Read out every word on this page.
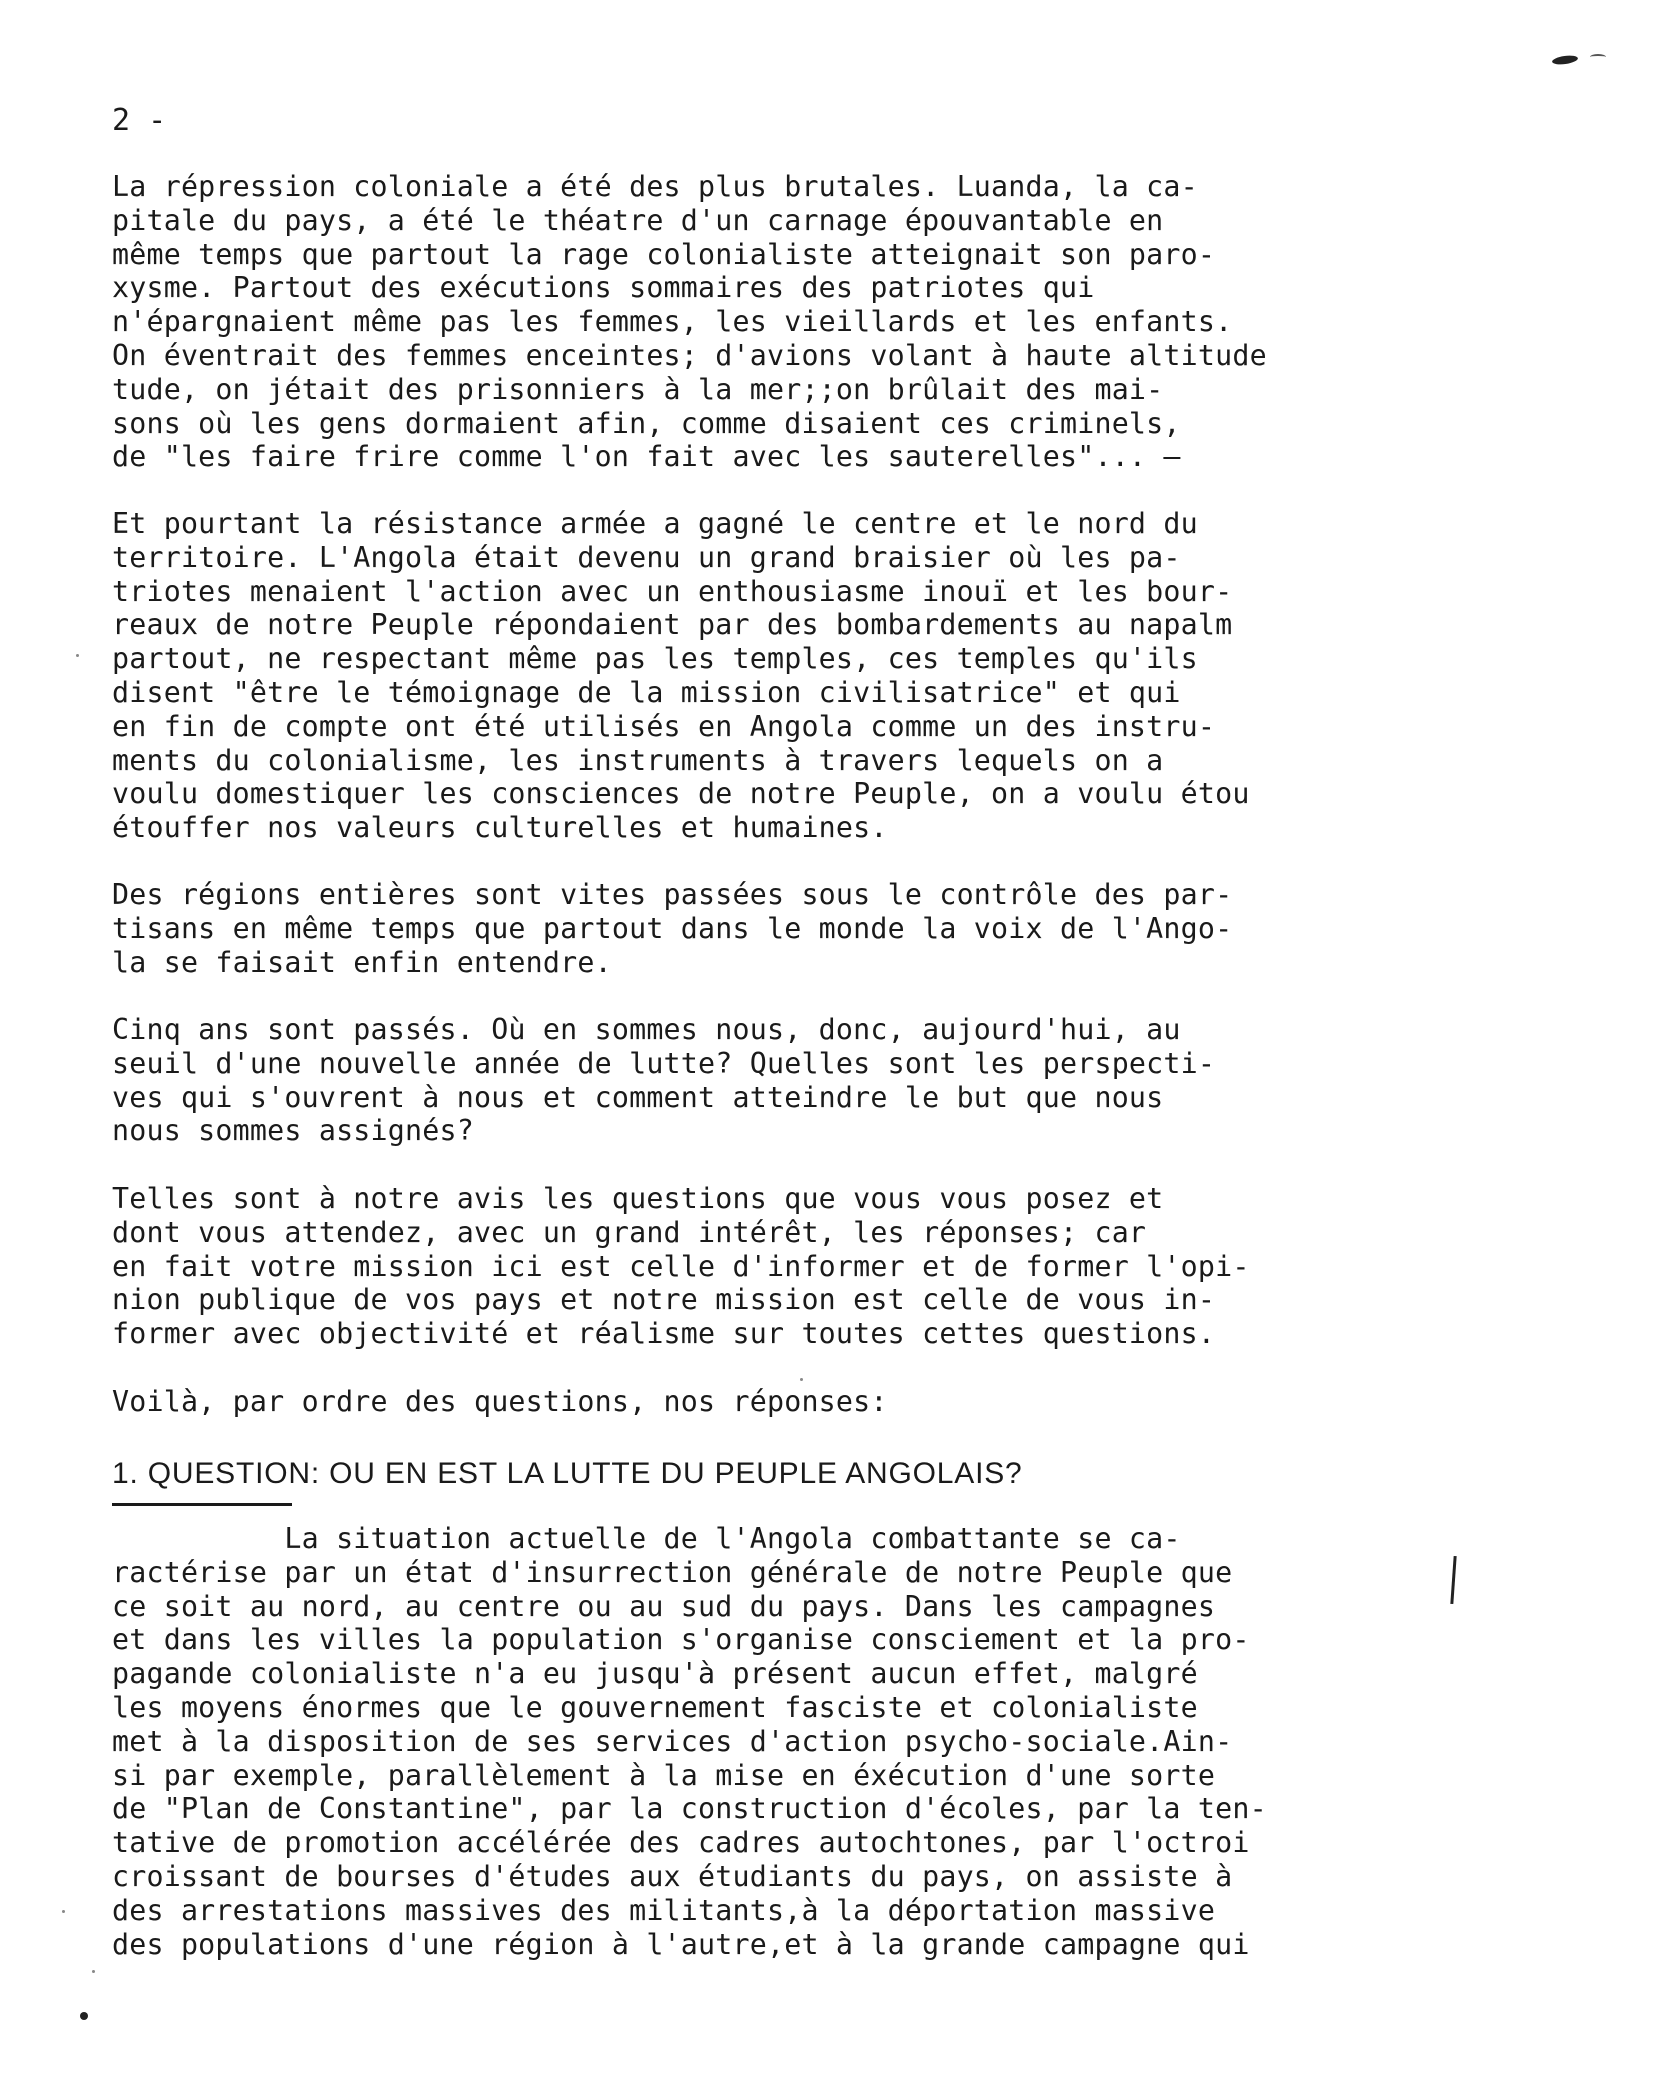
2 -
La répression coloniale a été des plus brutales. Luanda, la ca-
pitale du pays, a été le théatre d'un carnage épouvantable en
même temps que partout la rage colonialiste atteignait son paro-
xysme. Partout des exécutions sommaires des patriotes qui
n'épargnaient même pas les femmes, les vieillards et les enfants.
On éventrait des femmes enceintes; d'avions volant à haute altitude
tude, on jétait des prisonniers à la mer;;on brûlait des mai-
sons où les gens dormaient afin, comme disaient ces criminels,
de "les faire frire comme l'on fait avec les sauterelles"... —
Et pourtant la résistance armée a gagné le centre et le nord du
territoire. L'Angola était devenu un grand braisier où les pa-
triotes menaient l'action avec un enthousiasme inouï et les bour-
reaux de notre Peuple répondaient par des bombardements au napalm
partout, ne respectant même pas les temples, ces temples qu'ils
disent "être le témoignage de la mission civilisatrice" et qui
en fin de compte ont été utilisés en Angola comme un des instru-
ments du colonialisme, les instruments à travers lequels on a
voulu domestiquer les consciences de notre Peuple, on a voulu étou
étouffer nos valeurs culturelles et humaines.
Des régions entières sont vites passées sous le contrôle des par-
tisans en même temps que partout dans le monde la voix de l'Ango-
la se faisait enfin entendre.
Cinq ans sont passés. Où en sommes nous, donc, aujourd'hui, au
seuil d'une nouvelle année de lutte? Quelles sont les perspecti-
ves qui s'ouvrent à nous et comment atteindre le but que nous
nous sommes assignés?
Telles sont à notre avis les questions que vous vous posez et
dont vous attendez, avec un grand intérêt, les réponses; car
en fait votre mission ici est celle d'informer et de former l'opi-
nion publique de vos pays et notre mission est celle de vous in-
former avec objectivité et réalisme sur toutes cettes questions.
Voilà, par ordre des questions, nos réponses:
1. QUESTION: OU EN EST LA LUTTE DU PEUPLE ANGOLAIS?
La situation actuelle de l'Angola combattante se ca-
ractérise par un état d'insurrection générale de notre Peuple que
ce soit au nord, au centre ou au sud du pays. Dans les campagnes
et dans les villes la population s'organise consciement et la pro-
pagande colonialiste n'a eu jusqu'à présent aucun effet, malgré
les moyens énormes que le gouvernement fasciste et colonialiste
met à la disposition de ses services d'action psycho-sociale.Ain-
si par exemple, parallèlement à la mise en éxécution d'une sorte
de "Plan de Constantine", par la construction d'écoles, par la ten-
tative de promotion accélérée des cadres autochtones, par l'octroi
croissant de bourses d'études aux étudiants du pays, on assiste à
des arrestations massives des militants,à la déportation massive
des populations d'une région à l'autre,et à la grande campagne qui
